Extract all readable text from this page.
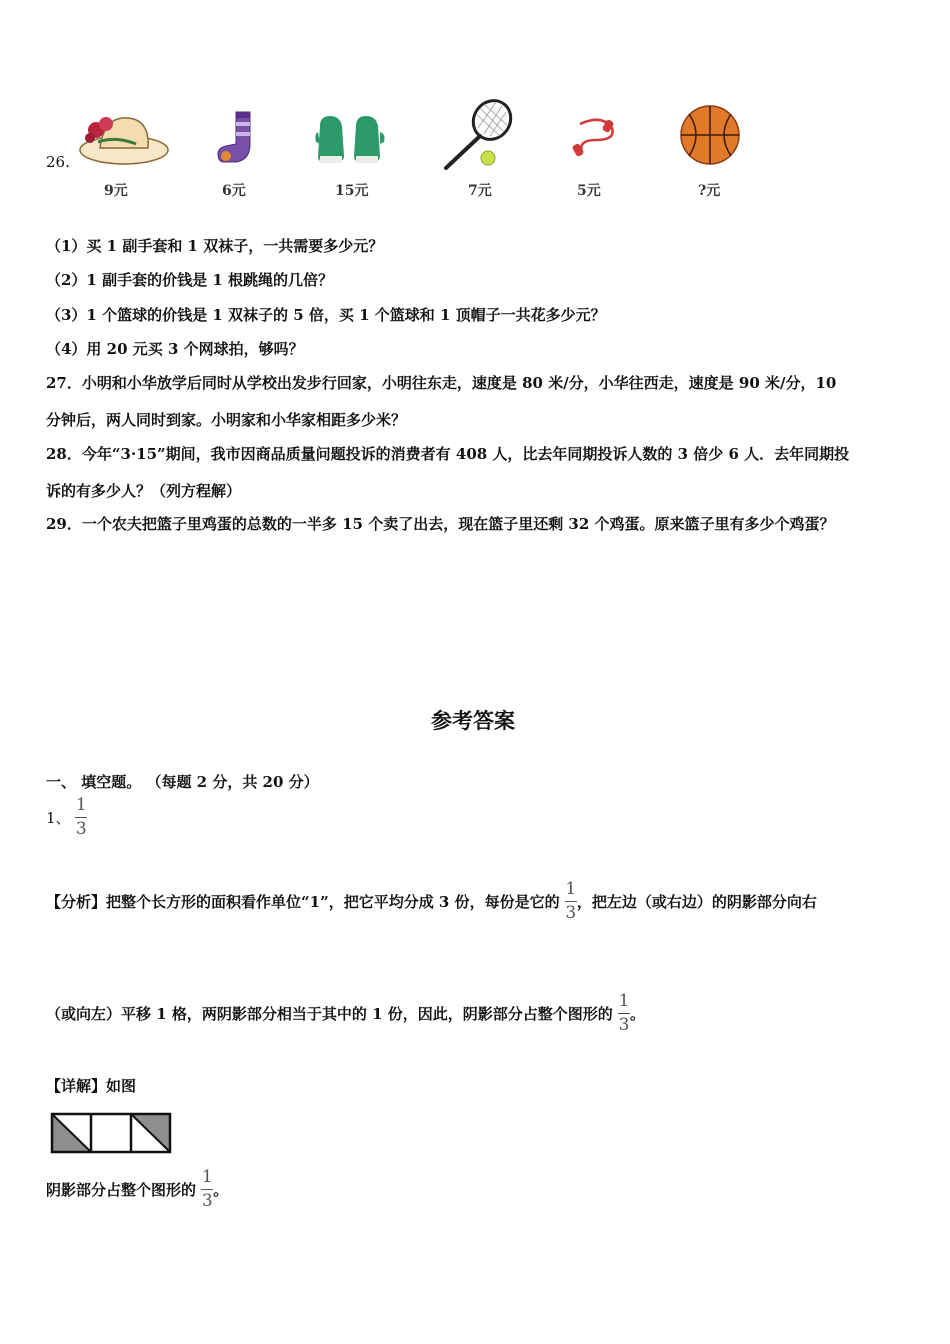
26.
9元	6元	15元	7元	5元	?元
（1）买 1 副手套和 1 双袜子，一共需要多少元？
（2）1 副手套的价钱是 1 根跳绳的几倍？
（3）1 个篮球的价钱是 1 双袜子的 5 倍，买 1 个篮球和 1 顶帽子一共花多少元？
（4）用 20 元买 3 个网球拍，够吗？
27．小明和小华放学后同时从学校出发步行回家，小明往东走，速度是 80 米/分，小华往西走，速度是 90 米/分，10
分钟后，两人同时到家。小明家和小华家相距多少米？
28．今年“3·15”期间，我市因商品质量问题投诉的消费者有 408 人，比去年同期投诉人数的 3 倍少 6 人．去年同期投
诉的有多少人？（列方程解）
29．一个农夫把篮子里鸡蛋的总数的一半多 15 个卖了出去，现在篮子里还剩 32 个鸡蛋。原来篮子里有多少个鸡蛋？
参考答案
一、 填空题。 （每题 2 分，共 20 分）
1、 $\frac{1}{3}$
【分析】把整个长方形的面积看作单位“1”，把它平均分成 3 份，每份是它的 $\frac{1}{3}$ ，把左边（或右边）的阴影部分向右
（或向左）平移 1 格，两阴影部分相当于其中的 1 份，因此，阴影部分占整个图形的 $\frac{1}{3}$ 。
【详解】如图
阴影部分占整个图形的 $\frac{1}{3}$ 。
